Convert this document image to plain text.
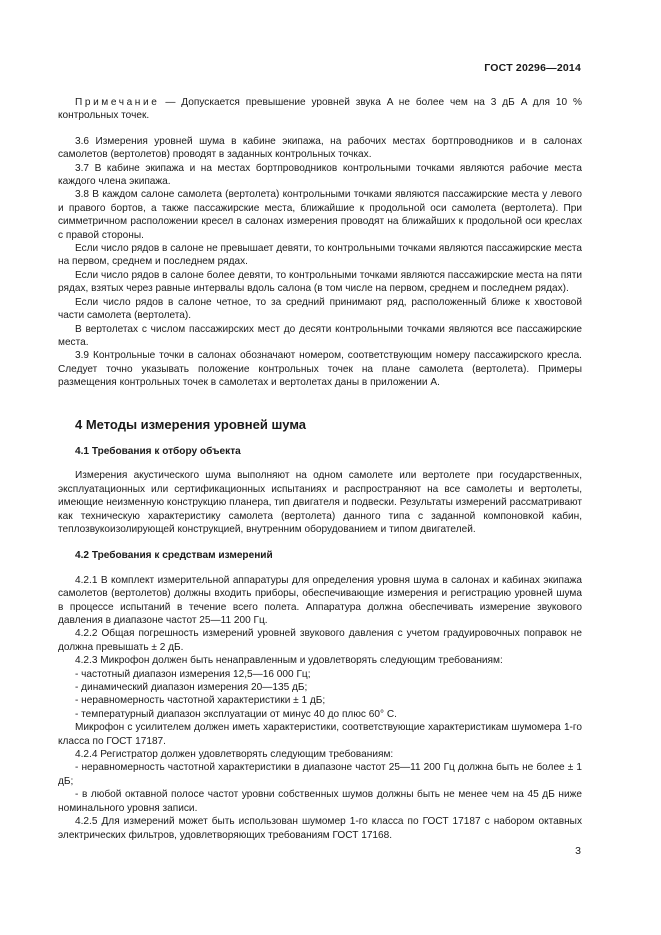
ГОСТ 20296—2014

Примечание — Допускается превышение уровней звука A не более чем на 3 дБ A для 10 % контрольных точек.

3.6 Измерения уровней шума в кабине экипажа, на рабочих местах бортпроводников и в салонах самолетов (вертолетов) проводят в заданных контрольных точках.

3.7 В кабине экипажа и на местах бортпроводников контрольными точками являются рабочие места каждого члена экипажа.

3.8 В каждом салоне самолета (вертолета) контрольными точками являются пассажирские места у левого и правого бортов, а также пассажирские места, ближайшие к продольной оси самолета (вертолета). При симметричном расположении кресел в салонах измерения проводят на ближайших к продольной оси креслах с правой стороны.

Если число рядов в салоне не превышает девяти, то контрольными точками являются пассажирские места на первом, среднем и последнем рядах.

Если число рядов в салоне более девяти, то контрольными точками являются пассажирские места на пяти рядах, взятых через равные интервалы вдоль салона (в том числе на первом, среднем и последнем рядах).

Если число рядов в салоне четное, то за средний принимают ряд, расположенный ближе к хвостовой части самолета (вертолета).

В вертолетах с числом пассажирских мест до десяти контрольными точками являются все пассажирские места.

3.9 Контрольные точки в салонах обозначают номером, соответствующим номеру пассажирского кресла. Следует точно указывать положение контрольных точек на плане самолета (вертолета). Примеры размещения контрольных точек в самолетах и вертолетах даны в приложении А.

4 Методы измерения уровней шума

4.1 Требования к отбору объекта

Измерения акустического шума выполняют на одном самолете или вертолете при государственных, эксплуатационных или сертификационных испытаниях и распространяют на все самолеты и вертолеты, имеющие неизменную конструкцию планера, тип двигателя и подвески. Результаты измерений рассматривают как техническую характеристику самолета (вертолета) данного типа с заданной компоновкой кабин, теплозвукоизолирующей конструкцией, внутренним оборудованием и типом двигателей.

4.2 Требования к средствам измерений

4.2.1 В комплект измерительной аппаратуры для определения уровня шума в салонах и кабинах экипажа самолетов (вертолетов) должны входить приборы, обеспечивающие измерения и регистрацию уровней шума в процессе испытаний в течение всего полета. Аппаратура должна обеспечивать измерение звукового давления в диапазоне частот 25—11 200 Гц.

4.2.2 Общая погрешность измерений уровней звукового давления с учетом градуировочных поправок не должна превышать ± 2 дБ.

4.2.3 Микрофон должен быть ненаправленным и удовлетворять следующим требованиям:

- частотный диапазон измерения 12,5—16 000 Гц;

- динамический диапазон измерения 20—135 дБ;

- неравномерность частотной характеристики ± 1 дБ;

- температурный диапазон эксплуатации от минус 40 до плюс 60° С.

Микрофон с усилителем должен иметь характеристики, соответствующие характеристикам шумомера 1-го класса по ГОСТ 17187.

4.2.4 Регистратор должен удовлетворять следующим требованиям:

- неравномерность частотной характеристики в диапазоне частот 25—11 200 Гц должна быть не более ± 1 дБ;

- в любой октавной полосе частот уровни собственных шумов должны быть не менее чем на 45 дБ ниже номинального уровня записи.

4.2.5 Для измерений может быть использован шумомер 1-го класса по ГОСТ 17187 с набором октавных электрических фильтров, удовлетворяющих требованиям ГОСТ 17168.

3
